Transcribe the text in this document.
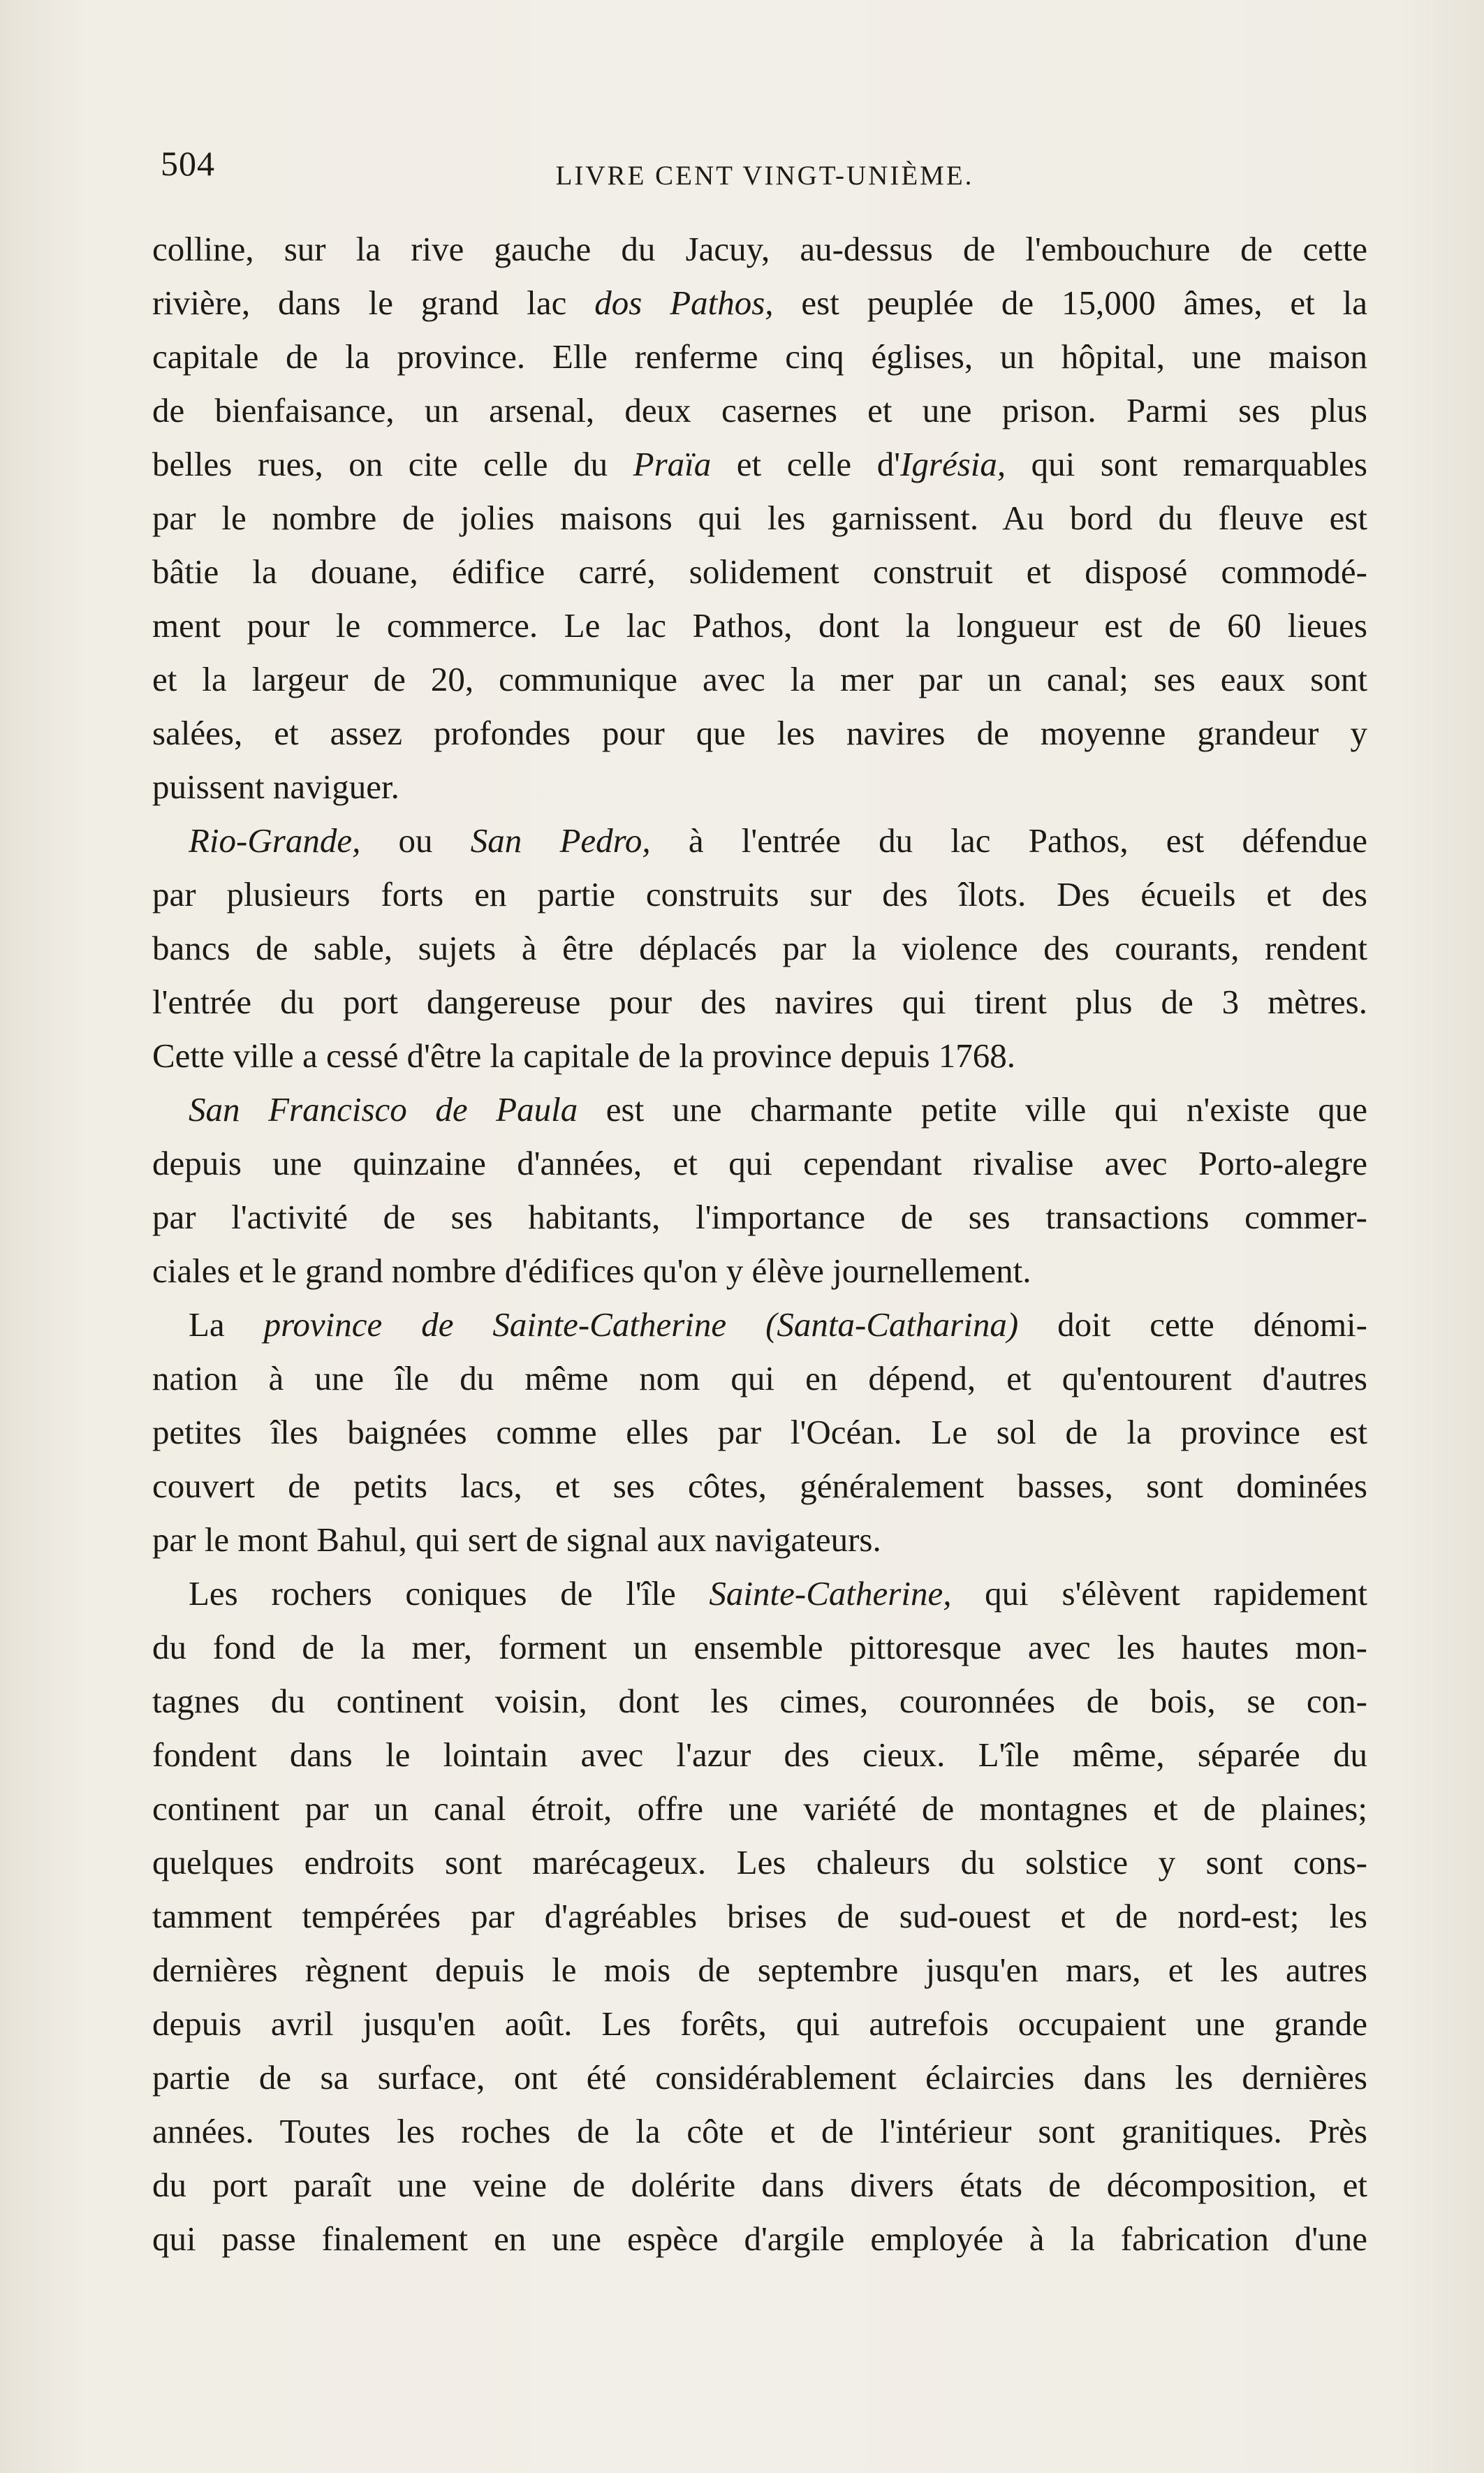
504	LIVRE CENT VINGT-UNIÈME.
colline, sur la rive gauche du Jacuy, au-dessus de l'embouchure de cette
rivière, dans le grand lac dos Pathos, est peuplée de 15,000 âmes, et la
capitale de la province. Elle renferme cinq églises, un hôpital, une maison
de bienfaisance, un arsenal, deux casernes et une prison. Parmi ses plus
belles rues, on cite celle du Praïa et celle d'Igrésia, qui sont remarquables
par le nombre de jolies maisons qui les garnissent. Au bord du fleuve est
bâtie la douane, édifice carré, solidement construit et disposé commodé-
ment pour le commerce. Le lac Pathos, dont la longueur est de 60 lieues
et la largeur de 20, communique avec la mer par un canal; ses eaux sont
salées, et assez profondes pour que les navires de moyenne grandeur y
puissent naviguer.
Rio-Grande, ou San Pedro, à l'entrée du lac Pathos, est défendue
par plusieurs forts en partie construits sur des îlots. Des écueils et des
bancs de sable, sujets à être déplacés par la violence des courants, rendent
l'entrée du port dangereuse pour des navires qui tirent plus de 3 mètres.
Cette ville a cessé d'être la capitale de la province depuis 1768.
San Francisco de Paula est une charmante petite ville qui n'existe que
depuis une quinzaine d'années, et qui cependant rivalise avec Porto-alegre
par l'activité de ses habitants, l'importance de ses transactions commer-
ciales et le grand nombre d'édifices qu'on y élève journellement.
La province de Sainte-Catherine (Santa-Catharina) doit cette dénomi-
nation à une île du même nom qui en dépend, et qu'entourent d'autres
petites îles baignées comme elles par l'Océan. Le sol de la province est
couvert de petits lacs, et ses côtes, généralement basses, sont dominées
par le mont Bahul, qui sert de signal aux navigateurs.
Les rochers coniques de l'île Sainte-Catherine, qui s'élèvent rapidement
du fond de la mer, forment un ensemble pittoresque avec les hautes mon-
tagnes du continent voisin, dont les cimes, couronnées de bois, se con-
fondent dans le lointain avec l'azur des cieux. L'île même, séparée du
continent par un canal étroit, offre une variété de montagnes et de plaines;
quelques endroits sont marécageux. Les chaleurs du solstice y sont cons-
tamment tempérées par d'agréables brises de sud-ouest et de nord-est; les
dernières règnent depuis le mois de septembre jusqu'en mars, et les autres
depuis avril jusqu'en août. Les forêts, qui autrefois occupaient une grande
partie de sa surface, ont été considérablement éclaircies dans les dernières
années. Toutes les roches de la côte et de l'intérieur sont granitiques. Près
du port paraît une veine de dolérite dans divers états de décomposition, et
qui passe finalement en une espèce d'argile employée à la fabrication d'une
